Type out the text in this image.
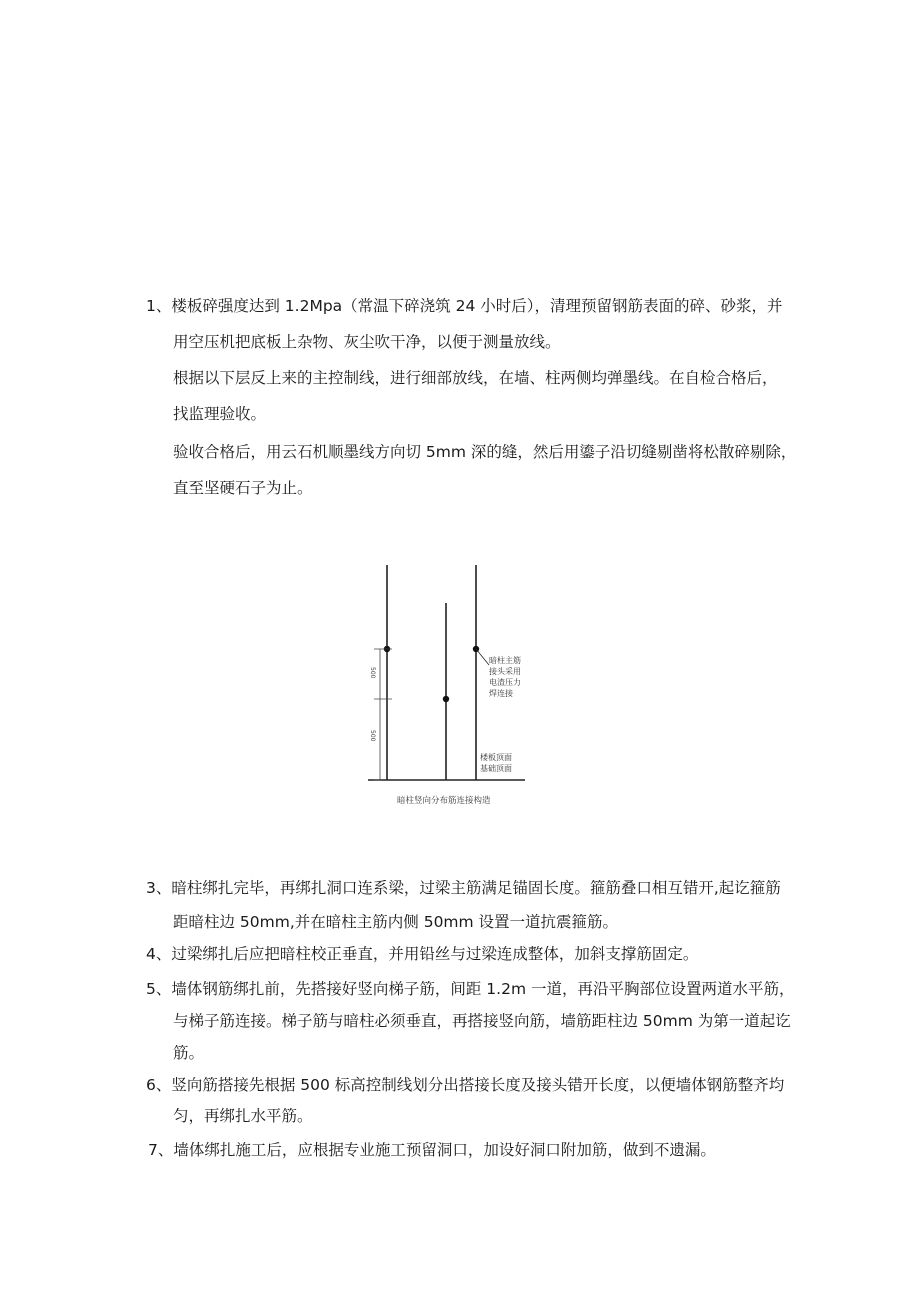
1、楼板碎强度达到 1.2Mpa（常温下碎浇筑 24 小时后），清理预留钢筋表面的碎、砂浆，并
用空压机把底板上杂物、灰尘吹干净，以便于测量放线。
根据以下层反上来的主控制线，进行细部放线，在墙、柱两侧均弹墨线。在自检合格后，
找监理验收。
验收合格后，用云石机顺墨线方向切 5mm 深的缝，然后用鎏子沿切缝剔凿将松散碎剔除，
直至坚硬石子为止。
500
500
暗柱主筋
接头采用
电渣压力
焊连接
楼板顶面
基础顶面
暗柱竖向分布筋连接构造
3、暗柱绑扎完毕，再绑扎洞口连系梁，过梁主筋满足锚固长度。箍筋叠口相互错开,起讫箍筋
距暗柱边 50mm,并在暗柱主筋内侧 50mm 设置一道抗震箍筋。
4、过梁绑扎后应把暗柱校正垂直，并用铅丝与过梁连成整体，加斜支撑筋固定。
5、墙体钢筋绑扎前，先搭接好竖向梯子筋，间距 1.2m 一道，再沿平胸部位设置两道水平筋，
与梯子筋连接。梯子筋与暗柱必须垂直，再搭接竖向筋，墙筋距柱边 50mm 为第一道起讫
筋。
6、竖向筋搭接先根据 500 标高控制线划分出搭接长度及接头错开长度，以便墙体钢筋整齐均
匀，再绑扎水平筋。
7、墙体绑扎施工后，应根据专业施工预留洞口，加设好洞口附加筋，做到不遗漏。
